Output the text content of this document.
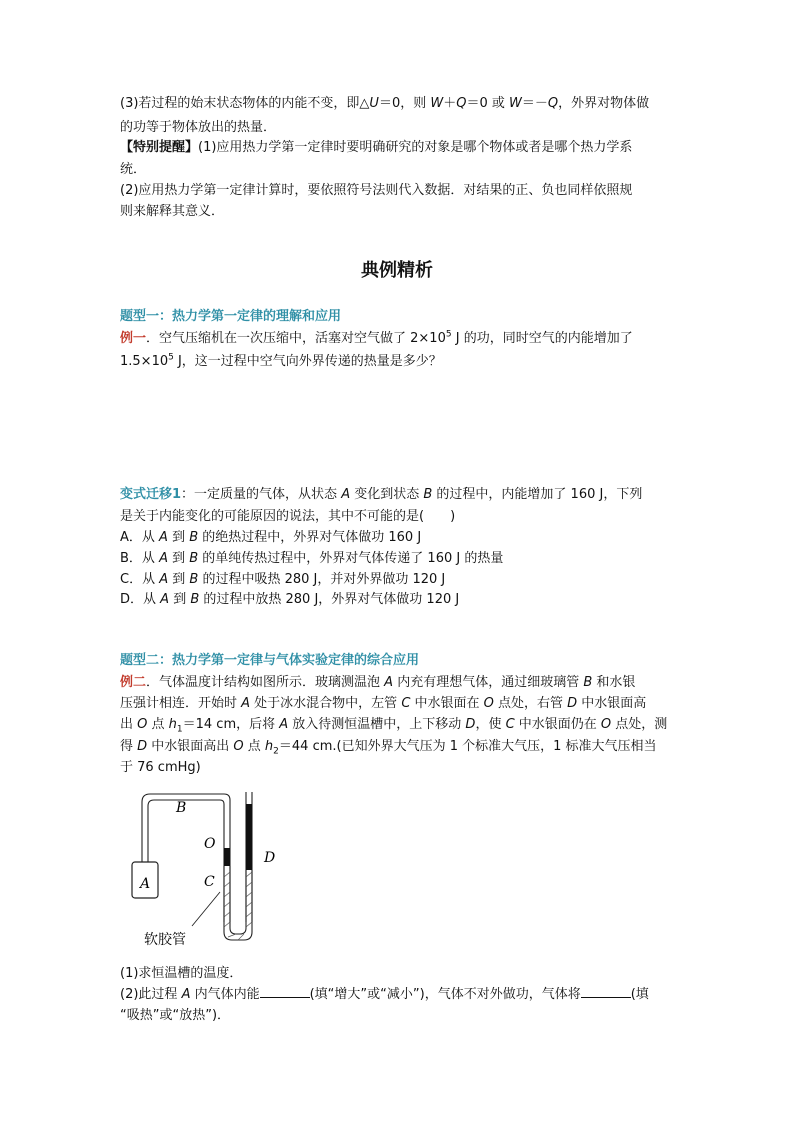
(3)若过程的始末状态物体的内能不变，即△U＝0，则 W＋Q＝0 或 W＝－Q，外界对物体做

的功等于物体放出的热量．

【特别提醒】(1)应用热力学第一定律时要明确研究的对象是哪个物体或者是哪个热力学系

统．

(2)应用热力学第一定律计算时，要依照符号法则代入数据．对结果的正、负也同样依照规

则来解释其意义．

典例精析

题型一：热力学第一定律的理解和应用

例一．空气压缩机在一次压缩中，活塞对空气做了 $2\times 10^5$ J 的功，同时空气的内能增加了

$1.5\times 10^5$ J，这一过程中空气向外界传递的热量是多少？

变式迁移1：一定质量的气体，从状态 A 变化到状态 B 的过程中，内能增加了 160 J，下列

是关于内能变化的可能原因的说法，其中不可能的是(　　)

A．从 A 到 B 的绝热过程中，外界对气体做功 160 J

B．从 A 到 B 的单纯传热过程中，外界对气体传递了 160 J 的热量

C．从 A 到 B 的过程中吸热 280 J，并对外界做功 120 J

D．从 A 到 B 的过程中放热 280 J，外界对气体做功 120 J

题型二：热力学第一定律与气体实验定律的综合应用

例二．气体温度计结构如图所示．玻璃测温泡 A 内充有理想气体，通过细玻璃管 B 和水银

压强计相连．开始时 A 处于冰水混合物中，左管 C 中水银面在 O 点处，右管 D 中水银面高

出 O 点 $h_1=14$ cm，后将 A 放入待测恒温槽中，上下移动 D，使 C 中水银面仍在 O 点处，测

得 D 中水银面高出 O 点 $h_2=44$ cm.(已知外界大气压为 1 个标准大气压，1 标准大气压相当

于 76 cmHg)

A
B
O
C
D
软胶管

(1)求恒温槽的温度．

(2)此过程 A 内气体内能	(填“增大”或“减小”)，气体不对外做功，气体将	(填

“吸热”或“放热”)．
